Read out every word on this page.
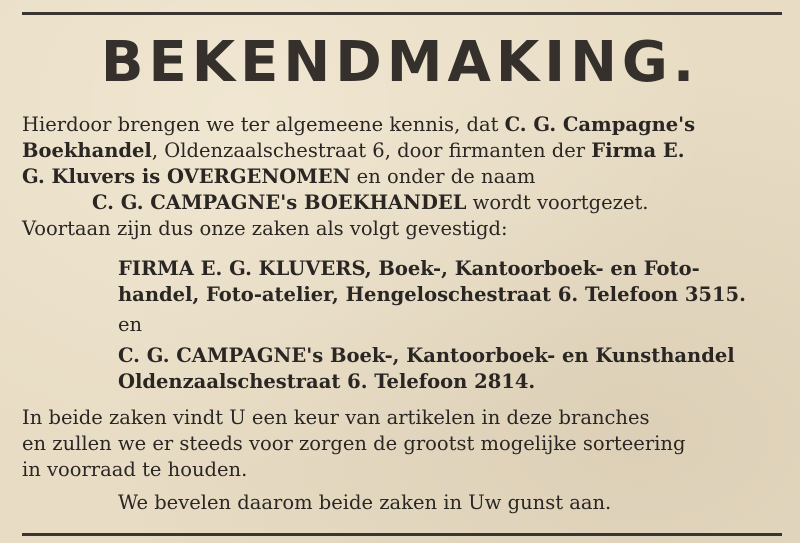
BEKENDMAKING.
Hierdoor brengen we ter algemeene kennis, dat C. G. Campagne's
Boekhandel, Oldenzaalschestraat 6, door firmanten der Firma E.
G. Kluvers is OVERGENOMEN en onder de naam
C. G. CAMPAGNE's BOEKHANDEL wordt voortgezet.
Voortaan zijn dus onze zaken als volgt gevestigd:
FIRMA E. G. KLUVERS, Boek-, Kantoorboek- en Foto-
handel, Foto-atelier, Hengeloschestraat 6. Telefoon 3515.
en
C. G. CAMPAGNE's Boek-, Kantoorboek- en Kunsthandel
Oldenzaalschestraat 6. Telefoon 2814.
In beide zaken vindt U een keur van artikelen in deze branches
en zullen we er steeds voor zorgen de grootst mogelijke sorteering
in voorraad te houden.
We bevelen daarom beide zaken in Uw gunst aan.
